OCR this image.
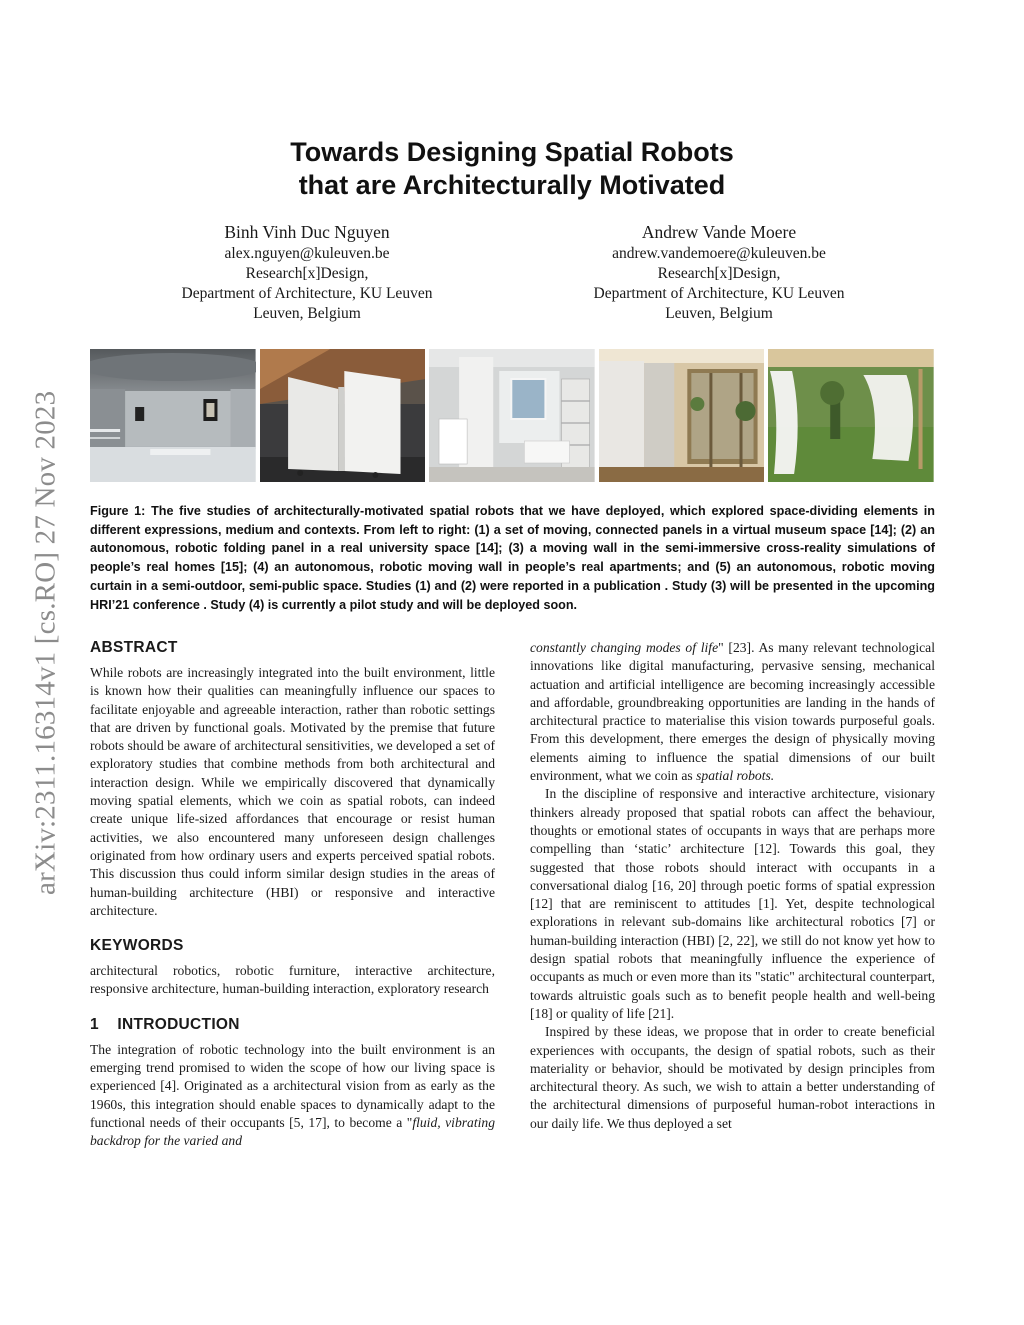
arXiv:2311.16314v1 [cs.RO] 27 Nov 2023
Towards Designing Spatial Robots
that are Architecturally Motivated
Binh Vinh Duc Nguyen
alex.nguyen@kuleuven.be
Research[x]Design,
Department of Architecture, KU Leuven
Leuven, Belgium
Andrew Vande Moere
andrew.vandemoere@kuleuven.be
Research[x]Design,
Department of Architecture, KU Leuven
Leuven, Belgium
Figure 1: The five studies of architecturally-motivated spatial robots that we have deployed, which explored space-dividing elements in different expressions, medium and contexts. From left to right: (1) a set of moving, connected panels in a virtual museum space [14]; (2) an autonomous, robotic folding panel in a real university space [14]; (3) a moving wall in the semi-immersive cross-reality simulations of people’s real homes [15]; (4) an autonomous, robotic moving wall in people’s real apartments; and (5) an autonomous, robotic moving curtain in a semi-outdoor, semi-public space. Studies (1) and (2) were reported in a publication . Study (3) will be presented in the upcoming HRI’21 conference . Study (4) is currently a pilot study and will be deployed soon.
ABSTRACT

While robots are increasingly integrated into the built environment, little is known how their qualities can meaningfully influence our spaces to facilitate enjoyable and agreeable interaction, rather than robotic settings that are driven by functional goals. Motivated by the premise that future robots should be aware of architectural sensitivities, we developed a set of exploratory studies that combine methods from both architectural and interaction design. While we empirically discovered that dynamically moving spatial elements, which we coin as spatial robots, can indeed create unique life-sized affordances that encourage or resist human activities, we also encountered many unforeseen design challenges originated from how ordinary users and experts perceived spatial robots. This discussion thus could inform similar design studies in the areas of human-building architecture (HBI) or responsive and interactive architecture.

KEYWORDS

architectural robotics, robotic furniture, interactive architecture, responsive architecture, human-building interaction, exploratory research

1    INTRODUCTION

The integration of robotic technology into the built environment is an emerging trend promised to widen the scope of how our living space is experienced [4]. Originated as a architectural vision from as early as the 1960s, this integration should enable spaces to dynamically adapt to the functional needs of their occupants [5, 17], to become a "fluid, vibrating backdrop for the varied and

constantly changing modes of life" [23]. As many relevant technological innovations like digital manufacturing, pervasive sensing, mechanical actuation and artificial intelligence are becoming increasingly accessible and affordable, groundbreaking opportunities are landing in the hands of architectural practice to materialise this vision towards purposeful goals. From this development, there emerges the design of physically moving elements aiming to influence the spatial dimensions of our built environment, what we coin as spatial robots.

In the discipline of responsive and interactive architecture, visionary thinkers already proposed that spatial robots can affect the behaviour, thoughts or emotional states of occupants in ways that are perhaps more compelling than ‘static’ architecture [12]. Towards this goal, they suggested that those robots should interact with occupants in a conversational dialog [16, 20] through poetic forms of spatial expression [12] that are reminiscent to attitudes [1]. Yet, despite technological explorations in relevant sub-domains like architectural robotics [7] or human-building interaction (HBI) [2, 22], we still do not know yet how to design spatial robots that meaningfully influence the experience of occupants as much or even more than its "static" architectural counterpart, towards altruistic goals such as to benefit people health and well-being [18] or quality of life [21].

Inspired by these ideas, we propose that in order to create beneficial experiences with occupants, the design of spatial robots, such as their materiality or behavior, should be motivated by design principles from architectural theory. As such, we wish to attain a better understanding of the architectural dimensions of purposeful human-robot interactions in our daily life. We thus deployed a set
